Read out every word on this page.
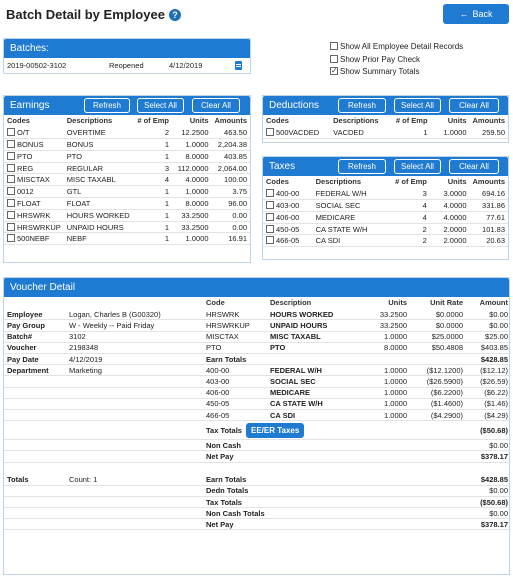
Batch Detail by Employee ?	← Back
Batches:
2019-00502-3102	Reopened	4/12/2019
Show All Employee Detail Records
Show Prior Pay Check
✓Show Summary Totals
Earnings	Refresh	Select All	Clear All
Codes	Descriptions	# of Emp	Units	Amounts
O/T	OVERTIME	2	12.2500	463.50
BONUS	BONUS	1	1.0000	2,204.38
PTO	PTO	1	8.0000	403.85
REG	REGULAR	3	112.0000	2,064.00
MISCTAX	MISC TAXABL	4	4.0000	100.00
0012	GTL	1	1.0000	3.75
FLOAT	FLOAT	1	8.0000	96.00
HRSWRK	HOURS WORKED	1	33.2500	0.00
HRSWRKUP	UNPAID HOURS	1	33.2500	0.00
500NEBF	NEBF	1	1.0000	16.91
Deductions	Refresh	Select All	Clear All
Codes	Descriptions	# of Emp	Units	Amounts
500VACDED	VACDED	1	1.0000	259.50
Taxes	Refresh	Select All	Clear All
Codes	Descriptions	# of Emp	Units	Amounts
400-00	FEDERAL W/H	3	3.0000	694.16
403-00	SOCIAL SEC	4	4.0000	331.86
406-00	MEDICARE	4	4.0000	77.61
450-05	CA STATE W/H	2	2.0000	101.83
466-05	CA SDI	2	2.0000	20.63
Voucher Detail
		Code	Description	Units	Unit Rate	Amount
Employee	Logan, Charles B (G00320)	HRSWRK	HOURS WORKED	33.2500	$0.0000	$0.00
Pay Group	W - Weekly -- Paid Friday	HRSWRKUP	UNPAID HOURS	33.2500	$0.0000	$0.00
Batch#	3102	MISCTAX	MISC TAXABL	1.0000	$25.0000	$25.00
Voucher	2198348	PTO	PTO	8.0000	$50.4808	$403.85
Pay Date	4/12/2019	Earn Totals				$428.85
Department	Marketing	400-00	FEDERAL W/H	1.0000	($12.1200)	($12.12)
		403-00	SOCIAL SEC	1.0000	($26.5900)	($26.59)
		406-00	MEDICARE	1.0000	($6.2200)	($6.22)
		450-05	CA STATE W/H	1.0000	($1.4600)	($1.46)
		466-05	CA SDI	1.0000	($4.2900)	($4.29)
		Tax Totals EE/ER Taxes				($50.68)
		Non Cash				$0.00
		Net Pay				$378.17

Totals	Count: 1	Earn Totals				$428.85
		Dedn Totals				$0.00
		Tax Totals				($50.68)
		Non Cash Totals				$0.00
		Net Pay				$378.17
